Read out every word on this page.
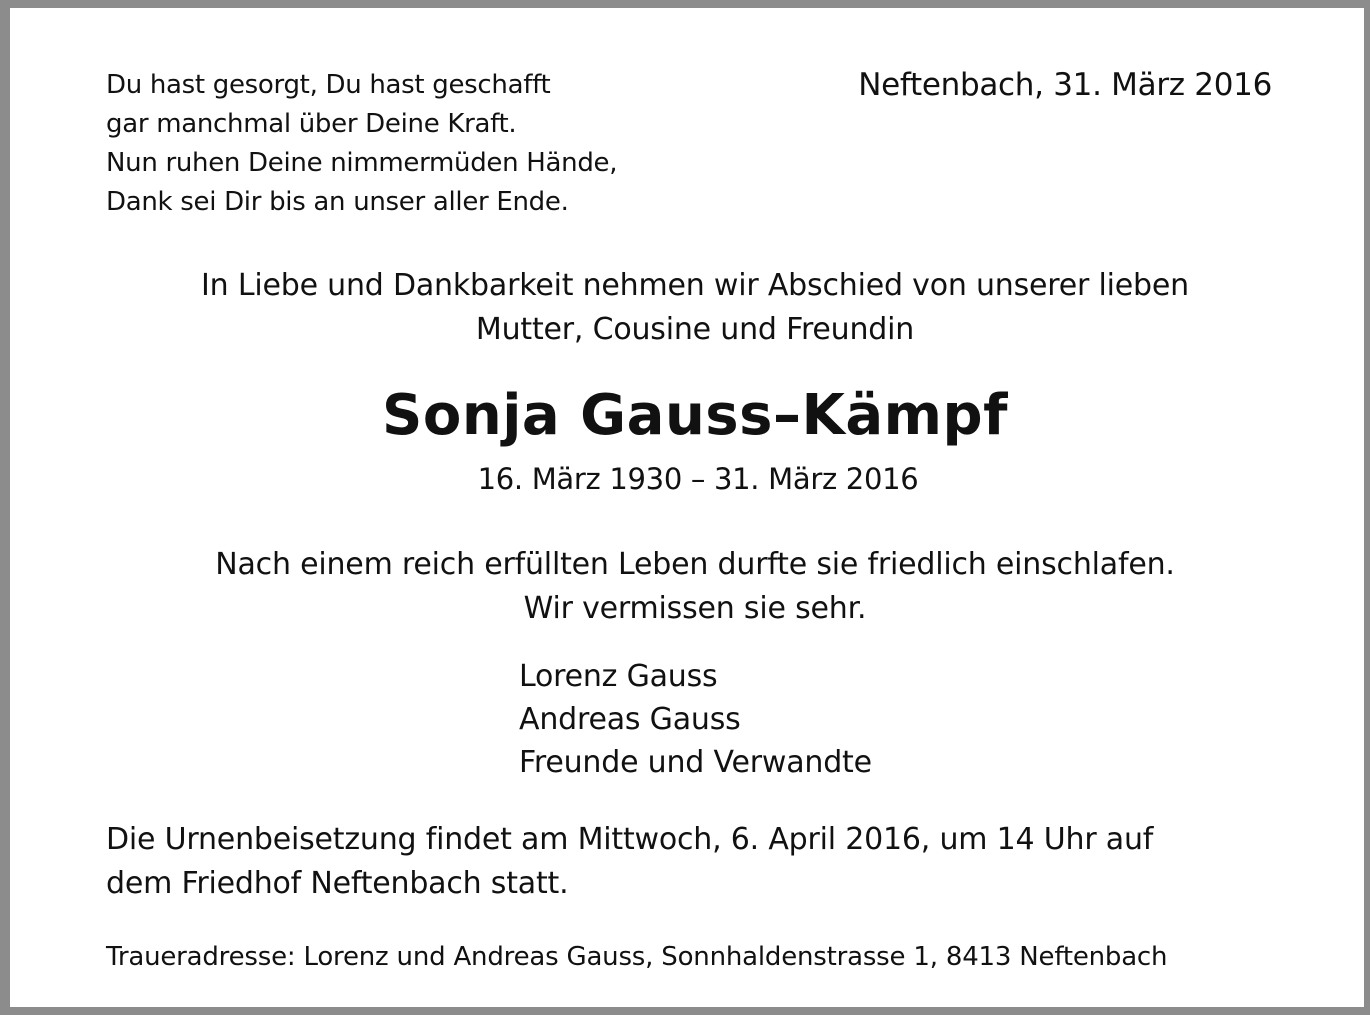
Du hast gesorgt, Du hast geschafft
gar manchmal über Deine Kraft.
Nun ruhen Deine nimmermüden Hände,
Dank sei Dir bis an unser aller Ende.
Neftenbach, 31. März 2016
In Liebe und Dankbarkeit nehmen wir Abschied von unserer lieben
Mutter, Cousine und Freundin
Sonja Gauss–Kämpf
16. März 1930 – 31. März 2016
Nach einem reich erfüllten Leben durfte sie friedlich einschlafen.
Wir vermissen sie sehr.
Lorenz Gauss
Andreas Gauss
Freunde und Verwandte
Die Urnenbeisetzung findet am Mittwoch, 6. April 2016, um 14 Uhr auf
dem Friedhof Neftenbach statt.
Traueradresse: Lorenz und Andreas Gauss, Sonnhaldenstrasse 1, 8413 Neftenbach
